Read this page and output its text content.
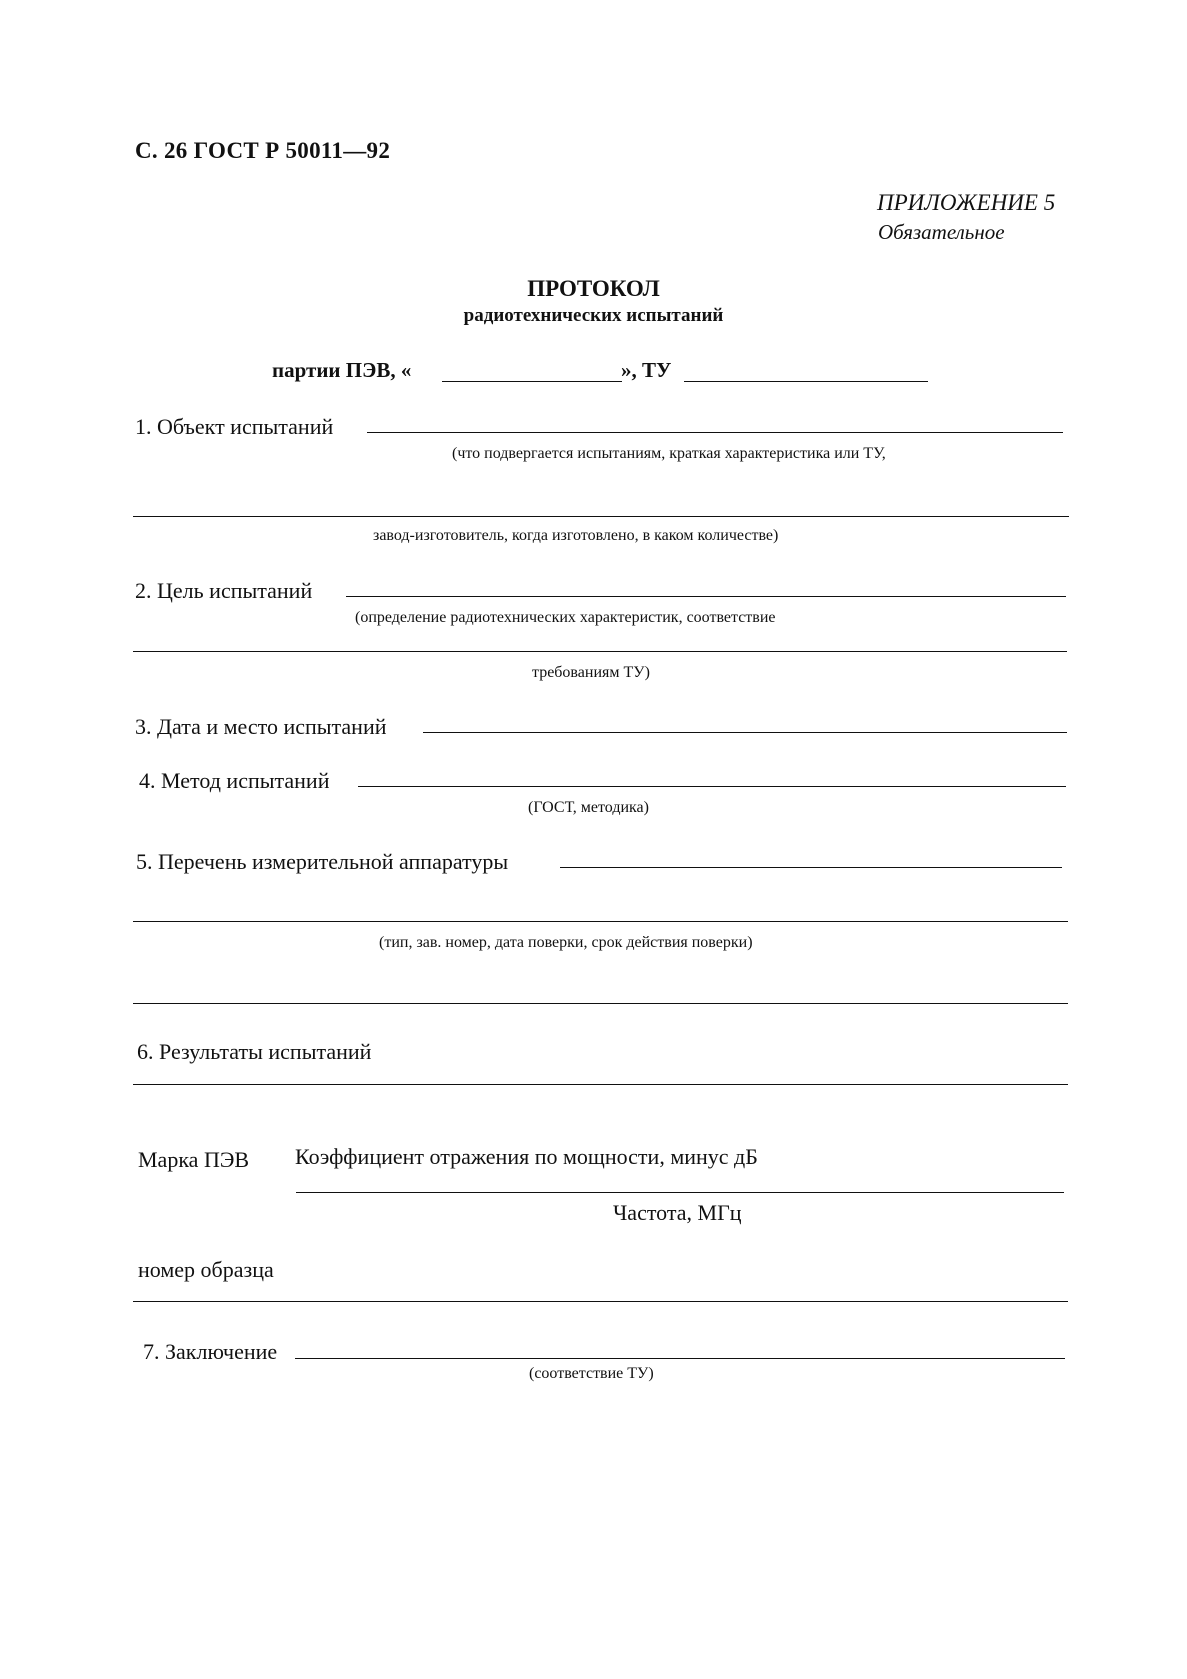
С. 26 ГОСТ Р 50011—92
ПРИЛОЖЕНИЕ 5
Обязательное
ПРОТОКОЛ
радиотехнических испытаний
партии ПЭВ, «	», ТУ
1. Объект испытаний
(что подвергается испытаниям, краткая характеристика или ТУ,
завод-изготовитель, когда изготовлено, в каком количестве)
2. Цель испытаний
(определение радиотехнических характеристик, соответствие
требованиям ТУ)
3. Дата и место испытаний
4. Метод испытаний
(ГОСТ, методика)
5. Перечень измерительной аппаратуры
(тип, зав. номер, дата поверки, срок действия поверки)
6. Результаты испытаний
Марка ПЭВ Коэффициент отражения по мощности, минус дБ
Частота, МГц
номер образца
7. Заключение
(соответствие ТУ)
